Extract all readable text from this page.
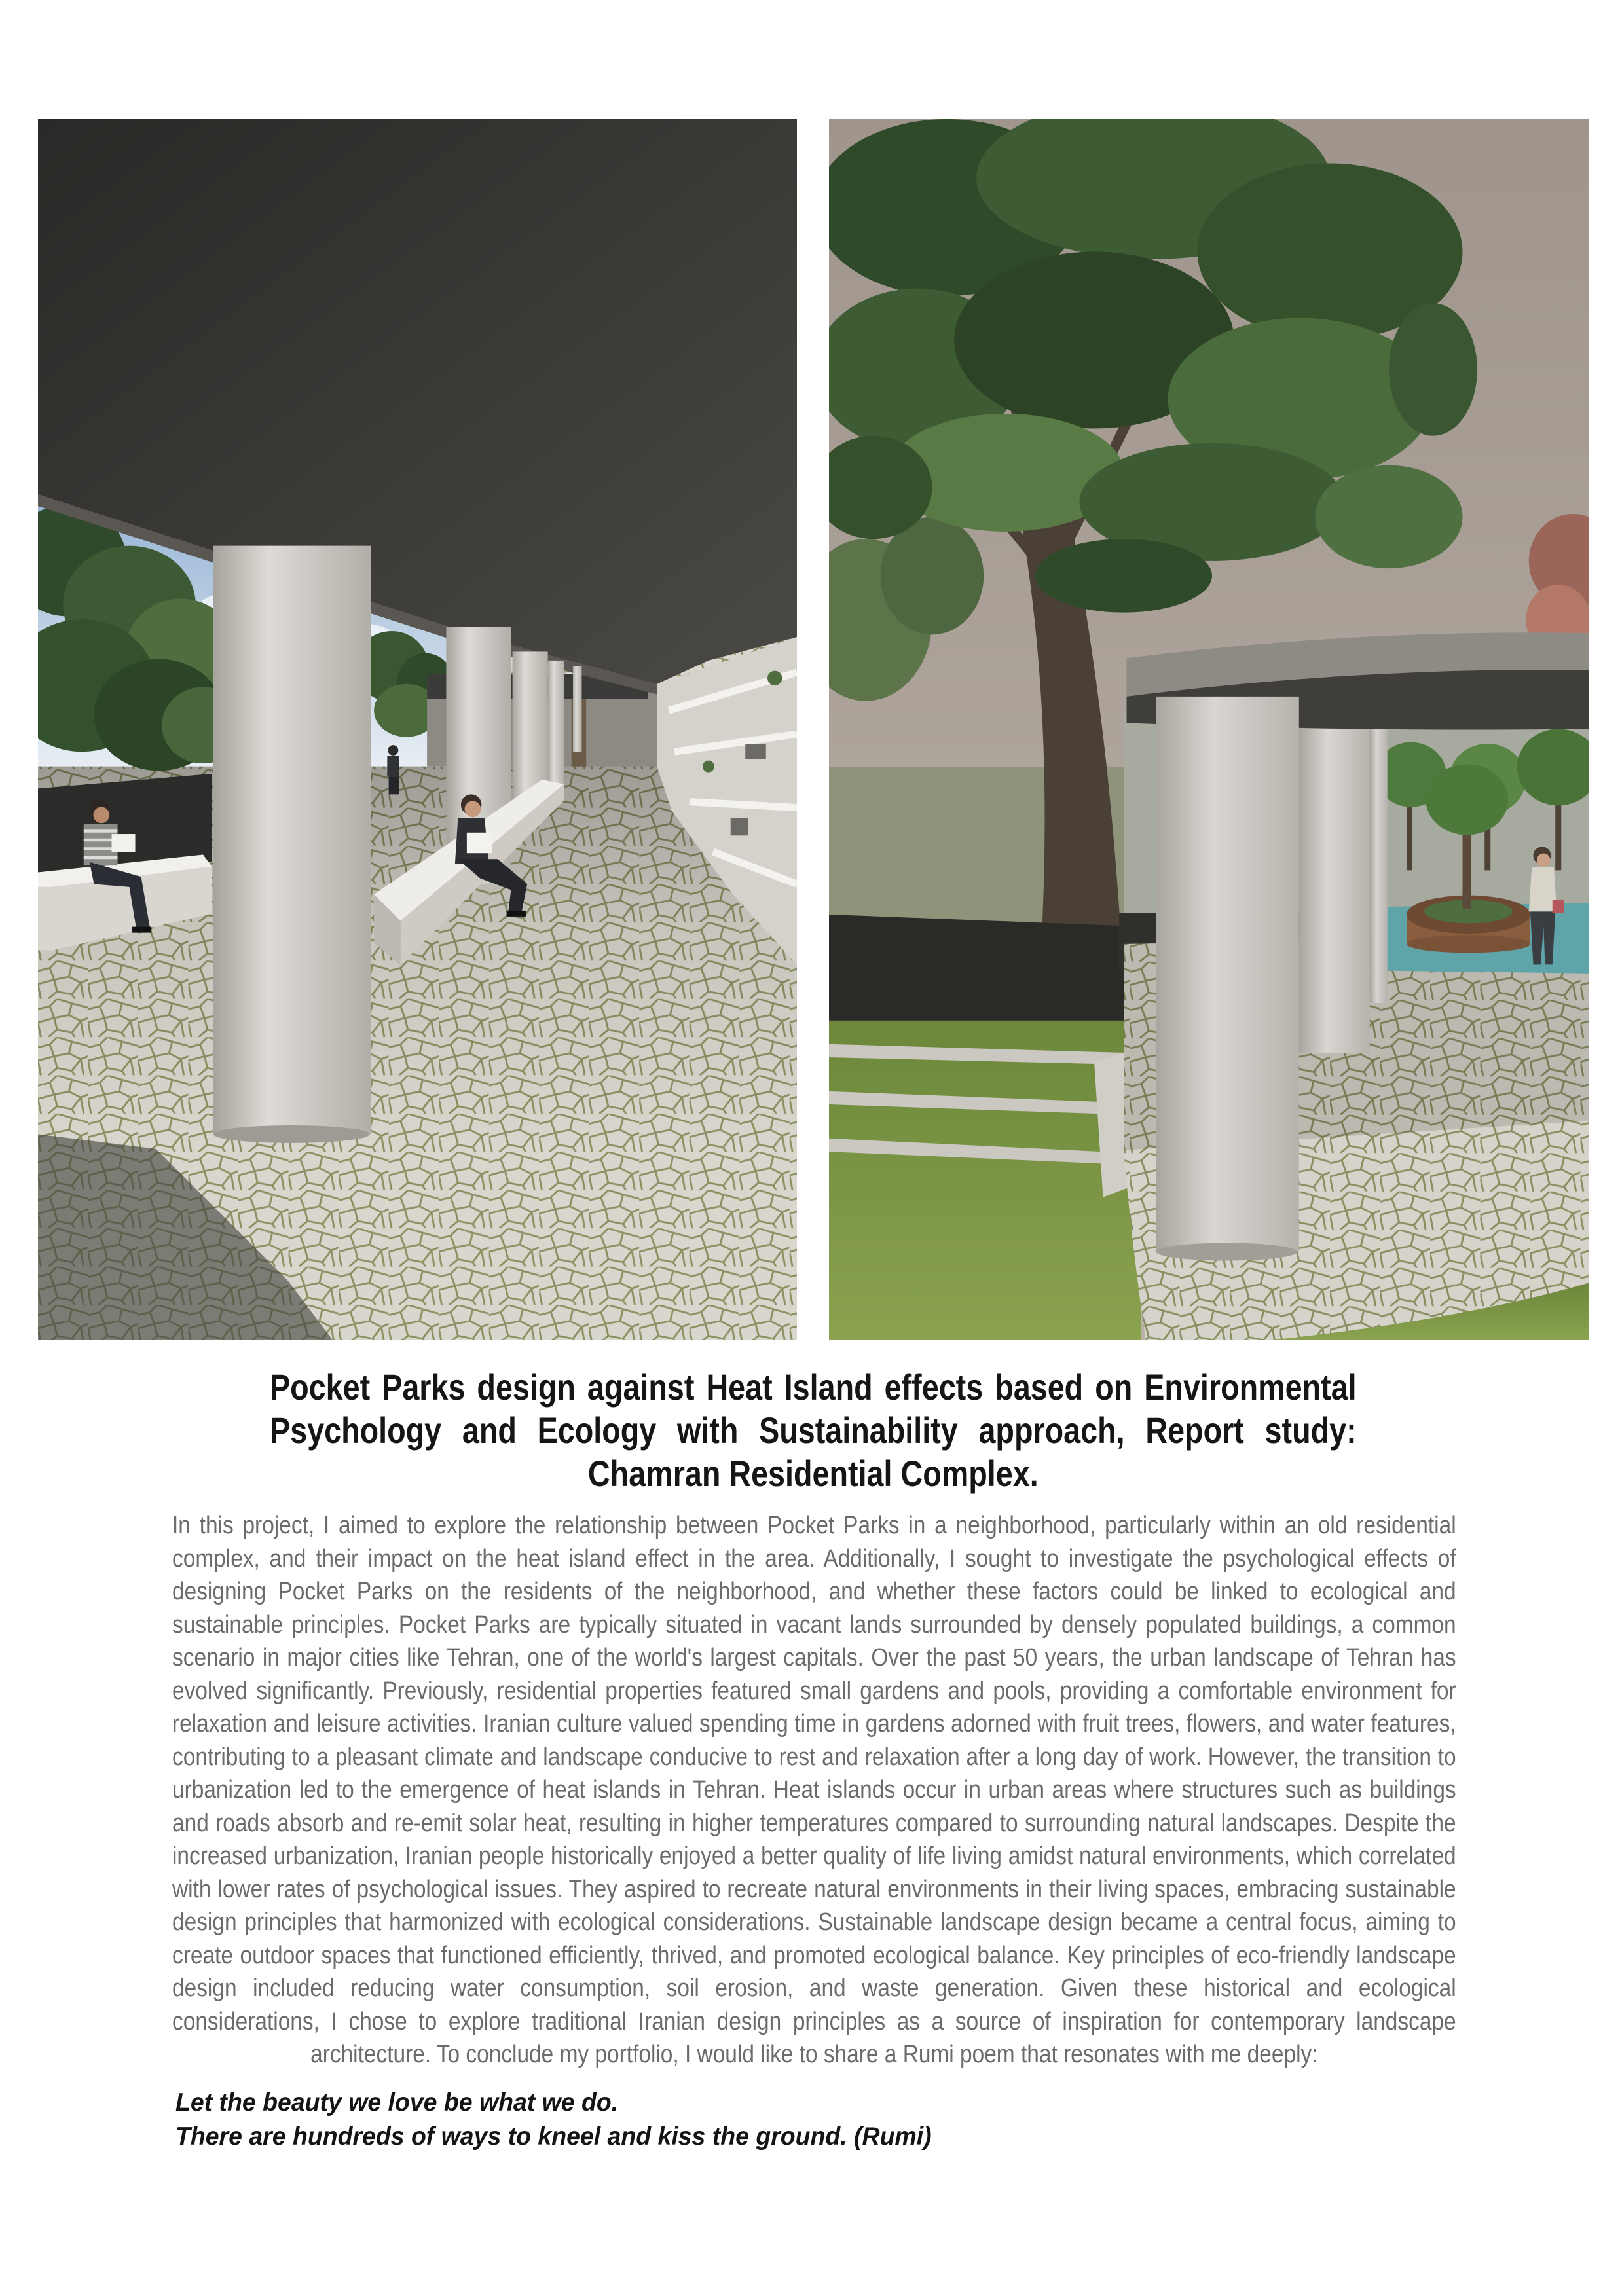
Pocket Parks design against Heat Island effects based on Environmental
Psychology and Ecology with Sustainability approach, Report study:
Chamran Residential Complex.

In this project, I aimed to explore the relationship between Pocket Parks in a neighborhood, particularly within an old residential complex, and their impact on the heat island effect in the area. Additionally, I sought to investigate the psychological effects of designing Pocket Parks on the residents of the neighborhood, and whether these factors could be linked to ecological and sustainable principles. Pocket Parks are typically situated in vacant lands surrounded by densely populated buildings, a common scenario in major cities like Tehran, one of the world's largest capitals. Over the past 50 years, the urban landscape of Tehran has evolved significantly. Previously, residential properties featured small gardens and pools, providing a comfortable environment for relaxation and leisure activities. Iranian culture valued spending time in gardens adorned with fruit trees, flowers, and water features, contributing to a pleasant climate and landscape conducive to rest and relaxation after a long day of work. However, the transition to urbanization led to the emergence of heat islands in Tehran. Heat islands occur in urban areas where structures such as buildings and roads absorb and re-emit solar heat, resulting in higher temperatures compared to surrounding natural landscapes. Despite the increased urbanization, Iranian people historically enjoyed a better quality of life living amidst natural environments, which correlated with lower rates of psychological issues. They aspired to recreate natural environments in their living spaces, embracing sustainable design principles that harmonized with ecological considerations. Sustainable landscape design became a central focus, aiming to create outdoor spaces that functioned efficiently, thrived, and promoted ecological balance. Key principles of eco-friendly landscape design included reducing water consumption, soil erosion, and waste generation. Given these historical and ecological considerations, I chose to explore traditional Iranian design principles as a source of inspiration for contemporary landscape architecture. To conclude my portfolio, I would like to share a Rumi poem that resonates with me deeply:

Let the beauty we love be what we do.
There are hundreds of ways to kneel and kiss the ground. (Rumi)
